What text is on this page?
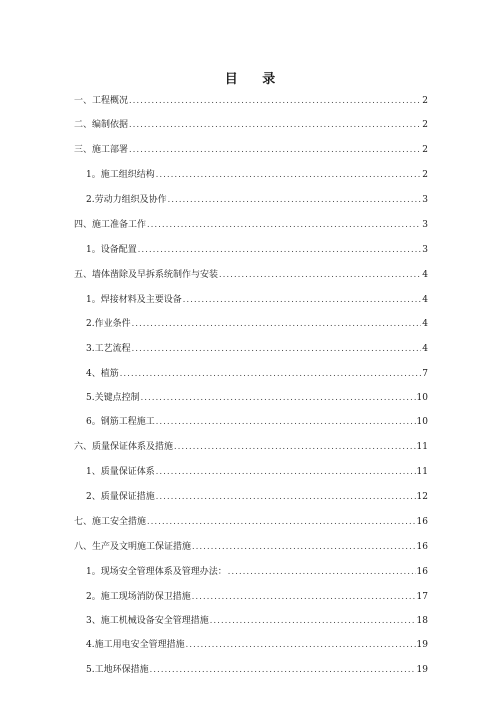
目 录
一、工程概况 .....	2
二、编制依据 .....	2
三、施工部署 .....	2
1。施工组织结构 .....	2
2.劳动力组织及协作 .....	3
四、施工准备工作 .....	3
1。设备配置 .....	3
五、墙体凿除及早拆系统制作与安装 .....	4
1。焊接材料及主要设备 .....	4
2.作业条件 .....	4
3.工艺流程 .....	4
4、植筋 .....	7
5.关键点控制 .....	10
6。钢筋工程施工 .....	10
六、质量保证体系及措施 .....	11
1、质量保证体系 .....	11
2、质量保证措施 .....	12
七、施工安全措施 .....	16
八、生产及文明施工保证措施 .....	16
1。现场安全管理体系及管理办法： .....	16
2。施工现场消防保卫措施 .....	17
3、施工机械设备安全管理措施 .....	18
4.施工用电安全管理措施 .....	19
5.工地环保措施 .....	19
